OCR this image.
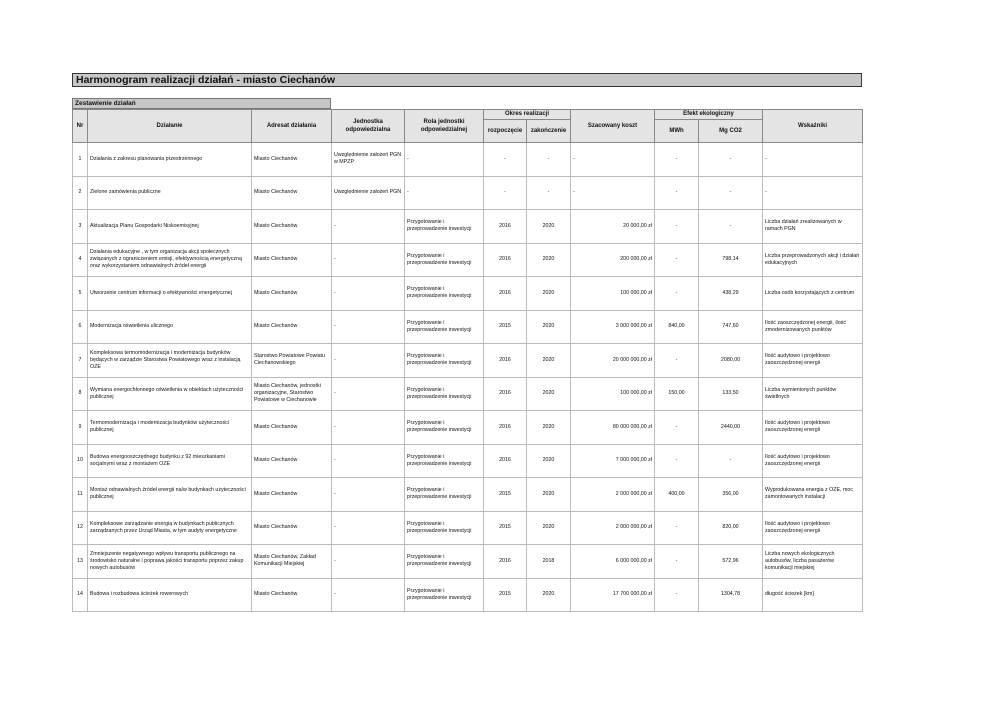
Harmonogram realizacji działań - miasto Ciechanów
Zestawienie działań
Nr	Działanie	Adresat działania	Jednostka odpowiedzialna	Rola jednostki odpowiedzialnej	Okres realizacji		Szacowany koszt	Efekt ekologiczny		Wskaźniki
					rozpoczęcie	zakończenie		MWh	Mg CO2	
1	Działania z zakresu planowania przestrzennego	Miasto Ciechanów	Uwzględnienie założeń PGN w MPZP	-	-	-	-	-	-	-
2	Zielone zamówienia publiczne	Miasto Ciechanów	Uwzględnienie założeń PGN	-	-	-	-	-	-	-
3	Aktualizacja Planu Gospodarki Niskoemisyjnej	Miasto Ciechanów	-	Przygotowanie i przeprowadzenie inwestycji	2016	2020	20 000,00 zł	-	-	Liczba działań zrealizowanych w ramach PGN
4	Działania edukacyjne , w tym organizacja akcji społecznych związanych z ograniczeniem emisji, efektywnością energetyczną oraz wykorzystaniem odnawialnych źródeł energii	Miasto Ciechanów	-	Przygotowanie i przeprowadzenie inwestycji	2016	2020	200 000,00 zł	-	798,14	Liczba przeprowadzonych akcji i działań edukacyjnych
5	Utworzenie centrum informacji o efektywności energetycznej	Miasto Ciechanów	-	Przygotowanie i przeprowadzenie inwestycji	2016	2020	100 000,00 zł	-	438,29	Liczba osób korzystających z centrum
6	Modernizacja oświetlenia ulicznego	Miasto Ciechanów	-	Przygotowanie i przeprowadzenie inwestycji	2015	2020	3 000 000,00 zł	840,00	747,60	Ilość zaoszczędzonej energii, ilość zmodernizowanych punktów
7	Kompleksowa termomodernizacja i modernizacja budynków będących w zarządzie Starostwa Powiatowego wraz z instalacją OZE	Starostwo Powiatowe Powiatu Ciechanowskiego	-	Przygotowanie i przeprowadzenie inwestycji	2016	2020	20 000 000,00 zł	-	2080,00	Ilość audytowo i projektowo zaoszczędzonej energii
8	Wymiana energochłonnego oświetlenia w obiektach użyteczności publicznej	Miasto Ciechanów, jednostki organizacyjne, Starostwo Powiatowe w Ciechanowie	-	Przygotowanie i przeprowadzenie inwestycji	2016	2020	100 000,00 zł	150,00	133,50	Liczba wymienionych punktów świetlnych
9	Termomodernizacja i modernizacja budynków użyteczności publicznej	Miasto Ciechanów	-	Przygotowanie i przeprowadzenie inwestycji	2016	2020	80 000 000,00 zł	-	2440,00	Ilość audytowo i projektowo zaoszczędzonej energii
10	Budowa energooszczędnego budynku z 92 mieszkaniami socjalnymi wraz z montażem OZE	Miasto Ciechanów	-	Przygotowanie i przeprowadzenie inwestycji	2016	2020	7 000 000,00 zł	-	-	Ilość audytowo i projektowo zaoszczędzonej energii
11	Montaż odnawialnych źródeł energii na/w budynkach użyteczności publicznej	Miasto Ciechanów	-	Przygotowanie i przeprowadzenie inwestycji	2015	2020	2 000 000,00 zł	400,00	356,00	Wyprodukowana energia z OZE, moc zamontowanych instalacji
12	Kompleksowe zarządzanie energią w budynkach publicznych zarządzanych przez Urząd Miasta, w tym audyty energetyczne	Miasto Ciechanów	-	Przygotowanie i przeprowadzenie inwestycji	2015	2020	2 000 000,00 zł	-	820,00	Ilość audytowo i projektowo zaoszczędzonej energii
13	Zmniejszenie negatywnego wpływu transportu publicznego na środowisko naturalne i poprawa jakości transportu poprzez zakup nowych autobusów	Miasto Ciechanów, Zakład Komunikacji Miejskiej	-	Przygotowanie i przeprowadzenie inwestycji	2016	2018	6 000 000,00 zł	-	572,96	Liczba nowych ekologicznych autobusów, liczba pasażerów komunikacji miejskiej
14	Budowa i rozbudowa ścieżek rowerowych	Miasto Ciechanów	-	Przygotowanie i przeprowadzenie inwestycji	2015	2020	17 700 000,00 zł	-	1304,78	długość ścieżek [km]
